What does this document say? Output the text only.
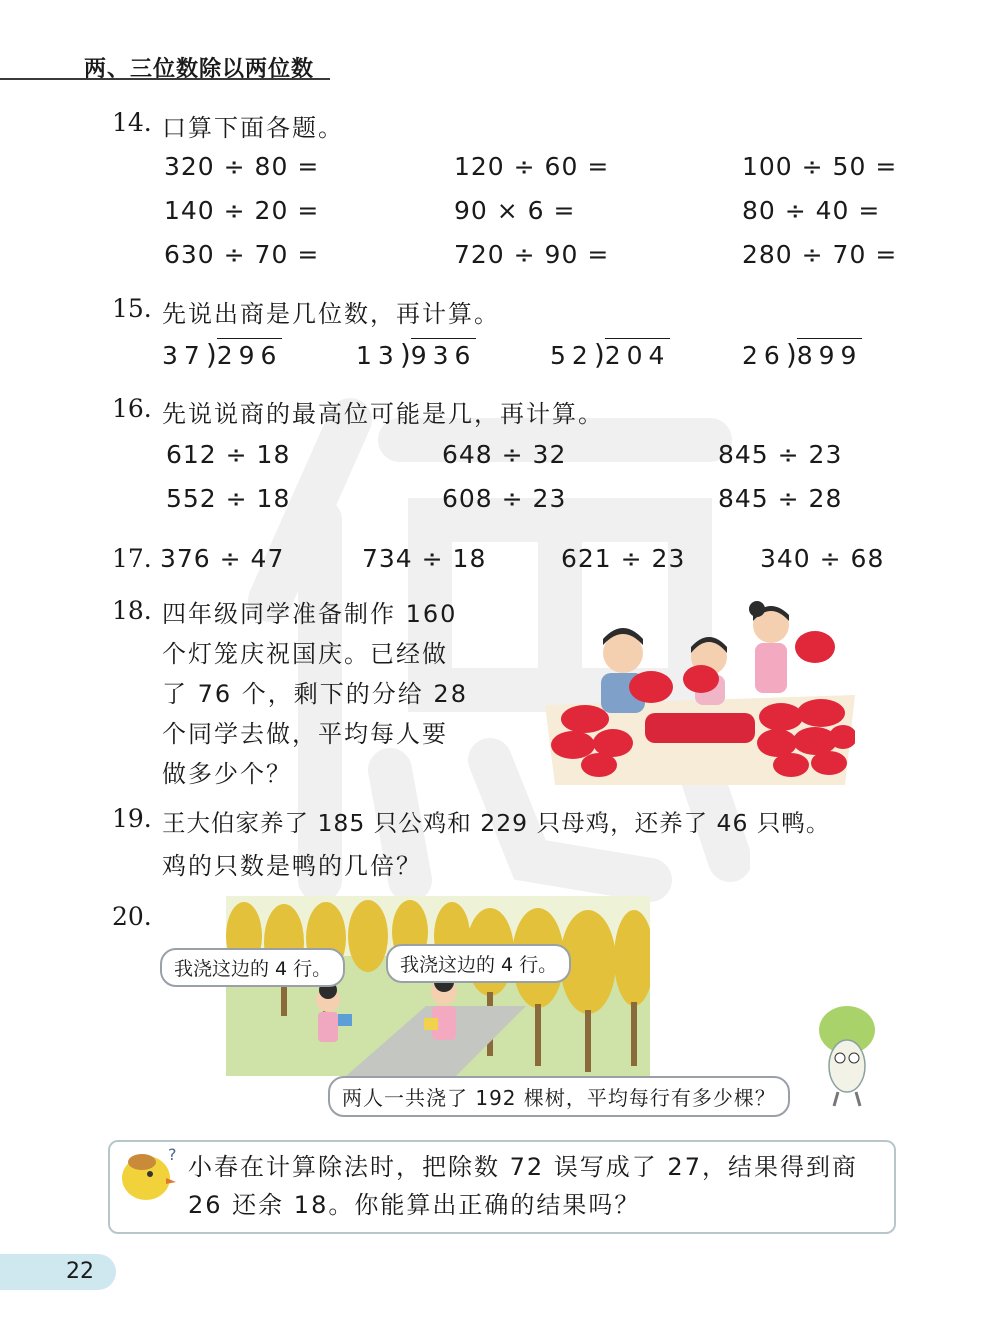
两、三位数除以两位数
14. 口算下面各题。
320 ÷ 80 =	120 ÷ 60 =	100 ÷ 50 =
140 ÷ 20 =	90 × 6 =	80 ÷ 40 =
630 ÷ 70 =	720 ÷ 90 =	280 ÷ 70 =
15. 先说出商是几位数，再计算。
37)296	13)936	52)204	26)899
16. 先说说商的最高位可能是几，再计算。
612 ÷ 18	648 ÷ 32	845 ÷ 23
552 ÷ 18	608 ÷ 23	845 ÷ 28
17. 376 ÷ 47	734 ÷ 18	621 ÷ 23	340 ÷ 68
18. 四年级同学准备制作 160
个灯笼庆祝国庆。已经做
了 76 个，剩下的分给 28
个同学去做，平均每人要
做多少个？
19. 王大伯家养了 185 只公鸡和 229 只母鸡，还养了 46 只鸭。
鸡的只数是鸭的几倍？
20.
我浇这边的 4 行。	我浇这边的 4 行。
两人一共浇了 192 棵树，平均每行有多少棵？
? 小春在计算除法时，把除数 72 误写成了 27，结果得到商
26 还余 18。你能算出正确的结果吗？
22
